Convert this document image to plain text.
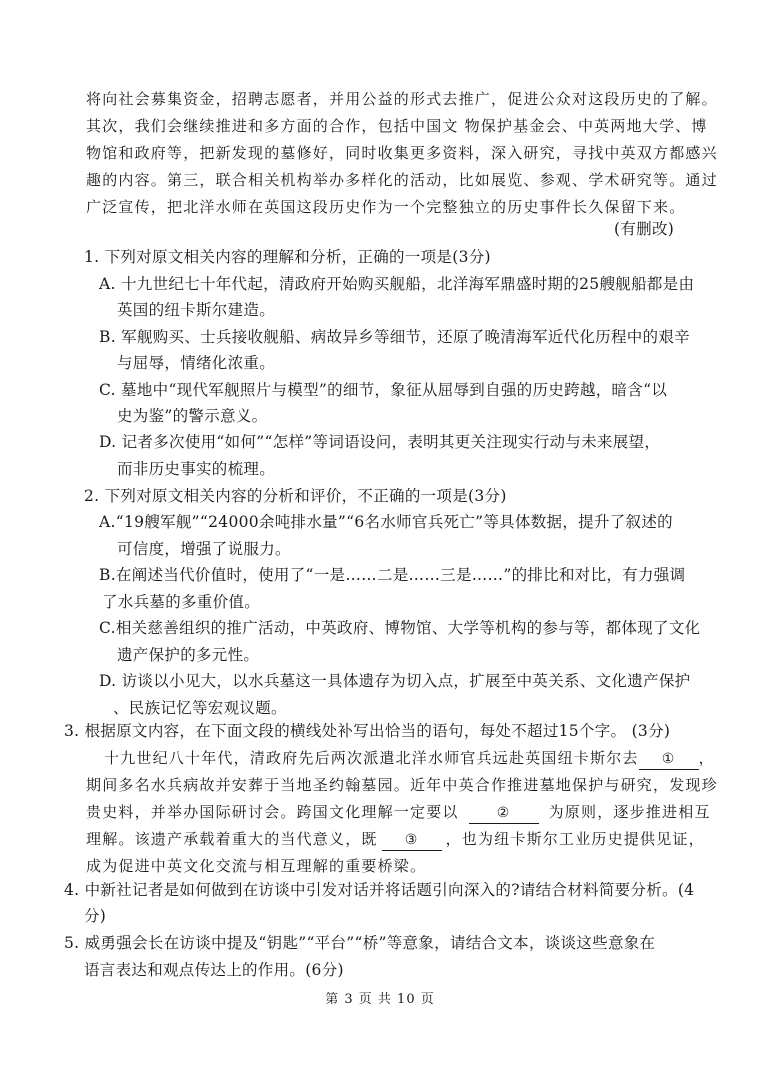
将向社会募集资金，招聘志愿者，并用公益的形式去推广，促进公众对这段历史的了解。
其次，我们会继续推进和多方面的合作，包括中国文 物保护基金会、中英两地大学、博
物馆和政府等，把新发现的墓修好，同时收集更多资料，深入研究，寻找中英双方都感兴
趣的内容。第三，联合相关机构举办多样化的活动，比如展览、参观、学术研究等。通过
广泛宣传，把北洋水师在英国这段历史作为一个完整独立的历史事件长久保留下来。
(有删改)
1. 下列对原文相关内容的理解和分析，正确的一项是(3分)
A. 十九世纪七十年代起，清政府开始购买舰船，北洋海军鼎盛时期的25艘舰船都是由
英国的纽卡斯尔建造。
B. 军舰购买、士兵接收舰船、病故异乡等细节，还原了晚清海军近代化历程中的艰辛
与屈辱，情绪化浓重。
C. 墓地中“现代军舰照片与模型”的细节，象征从屈辱到自强的历史跨越，暗含“以
史为鉴”的警示意义。
D. 记者多次使用“如何”“怎样”等词语设问，表明其更关注现实行动与未来展望，
而非历史事实的梳理。
2. 下列对原文相关内容的分析和评价，不正确的一项是(3分)
A.“19艘军舰”“24000余吨排水量”“6名水师官兵死亡”等具体数据，提升了叙述的
可信度，增强了说服力。
B.在阐述当代价值时，使用了“一是……二是……三是……”的排比和对比，有力强调
了水兵墓的多重价值。
C.相关慈善组织的推广活动，中英政府、博物馆、大学等机构的参与等，都体现了文化
遗产保护的多元性。
D. 访谈以小见大，以水兵墓这一具体遗存为切入点，扩展至中英关系、文化遗产保护
、民族记忆等宏观议题。
3. 根据原文内容，在下面文段的横线处补写出恰当的语句，每处不超过15个字。 (3分)
十九世纪八十年代，清政府先后两次派遣北洋水师官兵远赴英国纽卡斯尔去 ① ，
期间多名水兵病故并安葬于当地圣约翰墓园。近年中英合作推进墓地保护与研究，发现珍
贵史料，并举办国际研讨会。跨国文化理解一定要以	②	为原则，逐步推进相互
理解。该遗产承载着重大的当代意义，既 ③ ，也为纽卡斯尔工业历史提供见证，
成为促进中英文化交流与相互理解的重要桥梁。
4. 中新社记者是如何做到在访谈中引发对话并将话题引向深入的?请结合材料简要分析。(4
分)
5. 威勇强会长在访谈中提及“钥匙”“平台”“桥”等意象，请结合文本，谈谈这些意象在
语言表达和观点传达上的作用。(6分)
第 3 页 共 10 页
